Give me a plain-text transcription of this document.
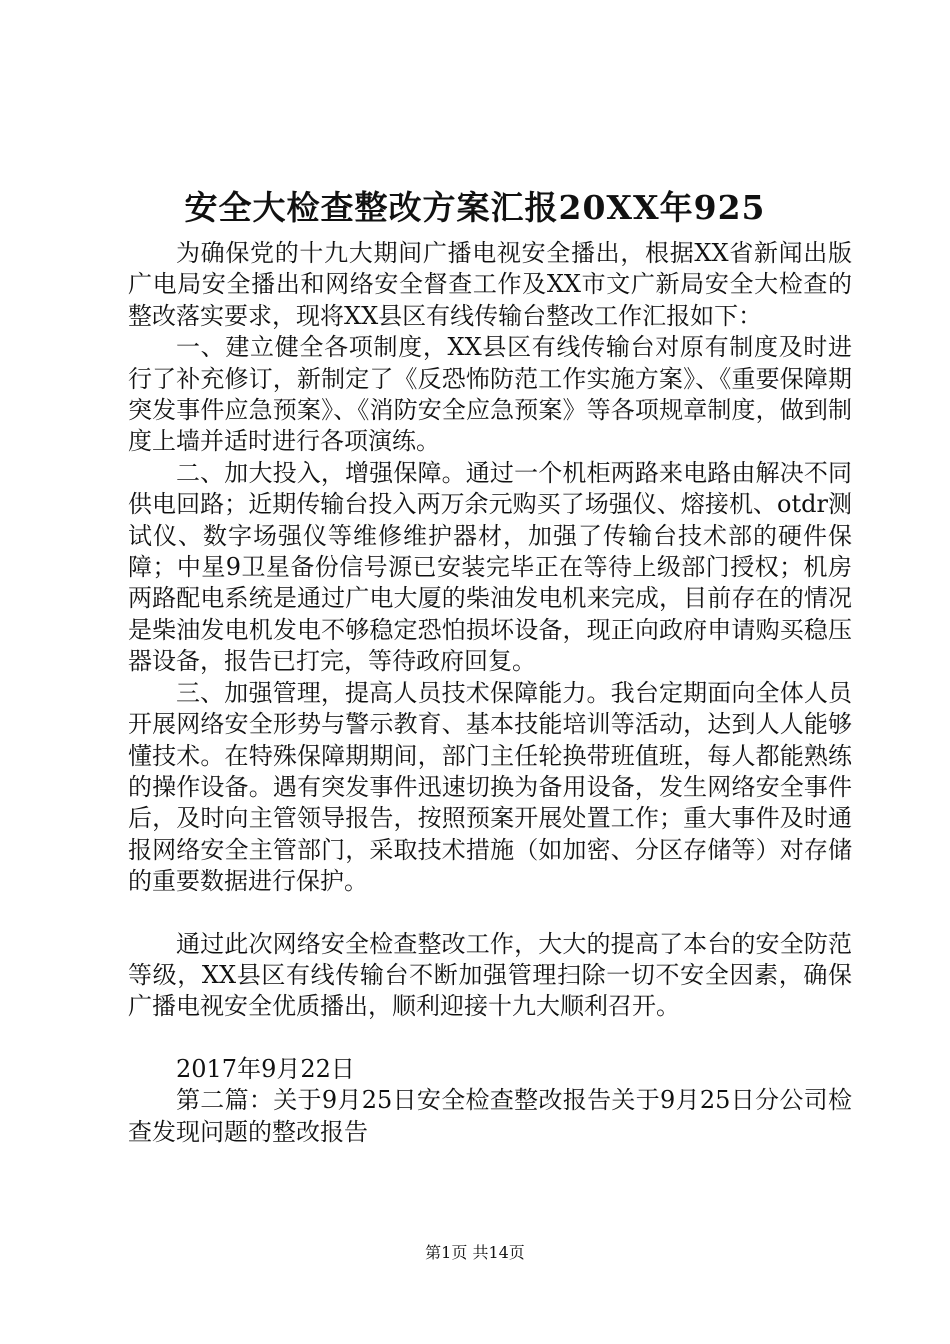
安全大检查整改方案汇报20XX年925

为确保党的十九大期间广播电视安全播出，根据XX省新闻出版广电局安全播出和网络安全督查工作及XX市文广新局安全大检查的整改落实要求，现将XX县区有线传输台整改工作汇报如下：

一、建立健全各项制度，XX县区有线传输台对原有制度及时进行了补充修订，新制定了《反恐怖防范工作实施方案》、《重要保障期突发事件应急预案》、《消防安全应急预案》等各项规章制度，做到制度上墙并适时进行各项演练。

二、加大投入，增强保障。通过一个机柜两路来电路由解决不同供电回路；近期传输台投入两万余元购买了场强仪、熔接机、otdr测试仪、数字场强仪等维修维护器材，加强了传输台技术部的硬件保障；中星9卫星备份信号源已安装完毕正在等待上级部门授权；机房两路配电系统是通过广电大厦的柴油发电机来完成，目前存在的情况是柴油发电机发电不够稳定恐怕损坏设备，现正向政府申请购买稳压器设备，报告已打完，等待政府回复。

三、加强管理，提高人员技术保障能力。我台定期面向全体人员开展网络安全形势与警示教育、基本技能培训等活动，达到人人能够懂技术。在特殊保障期期间，部门主任轮换带班值班，每人都能熟练的操作设备。遇有突发事件迅速切换为备用设备，发生网络安全事件后，及时向主管领导报告，按照预案开展处置工作；重大事件及时通报网络安全主管部门，采取技术措施（如加密、分区存储等）对存储的重要数据进行保护。

通过此次网络安全检查整改工作，大大的提高了本台的安全防范等级，XX县区有线传输台不断加强管理扫除一切不安全因素，确保广播电视安全优质播出，顺利迎接十九大顺利召开。

2017年9月22日

第二篇：关于9月25日安全检查整改报告关于9月25日分公司检查发现问题的整改报告

第1页 共14页
